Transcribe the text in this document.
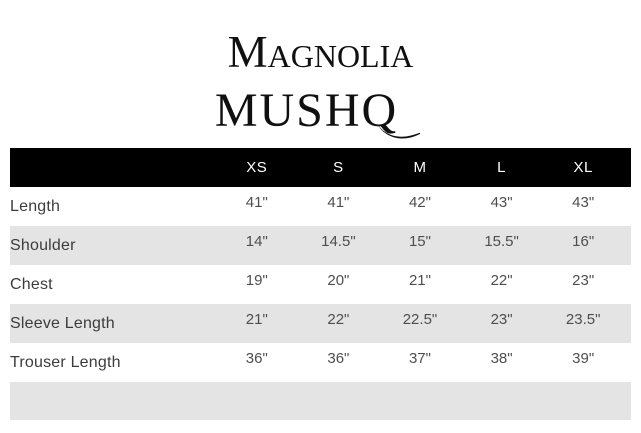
Magnolia
MUSHQ
	XS	S	M	L	XL	
Length	41"	41"	42"	43"	43"	
Shoulder	14"	14.5"	15"	15.5"	16"	
Chest	19"	20"	21"	22"	23"	
Sleeve Length	21"	22"	22.5"	23"	23.5"	
Trouser Length	36"	36"	37"	38"	39"	
